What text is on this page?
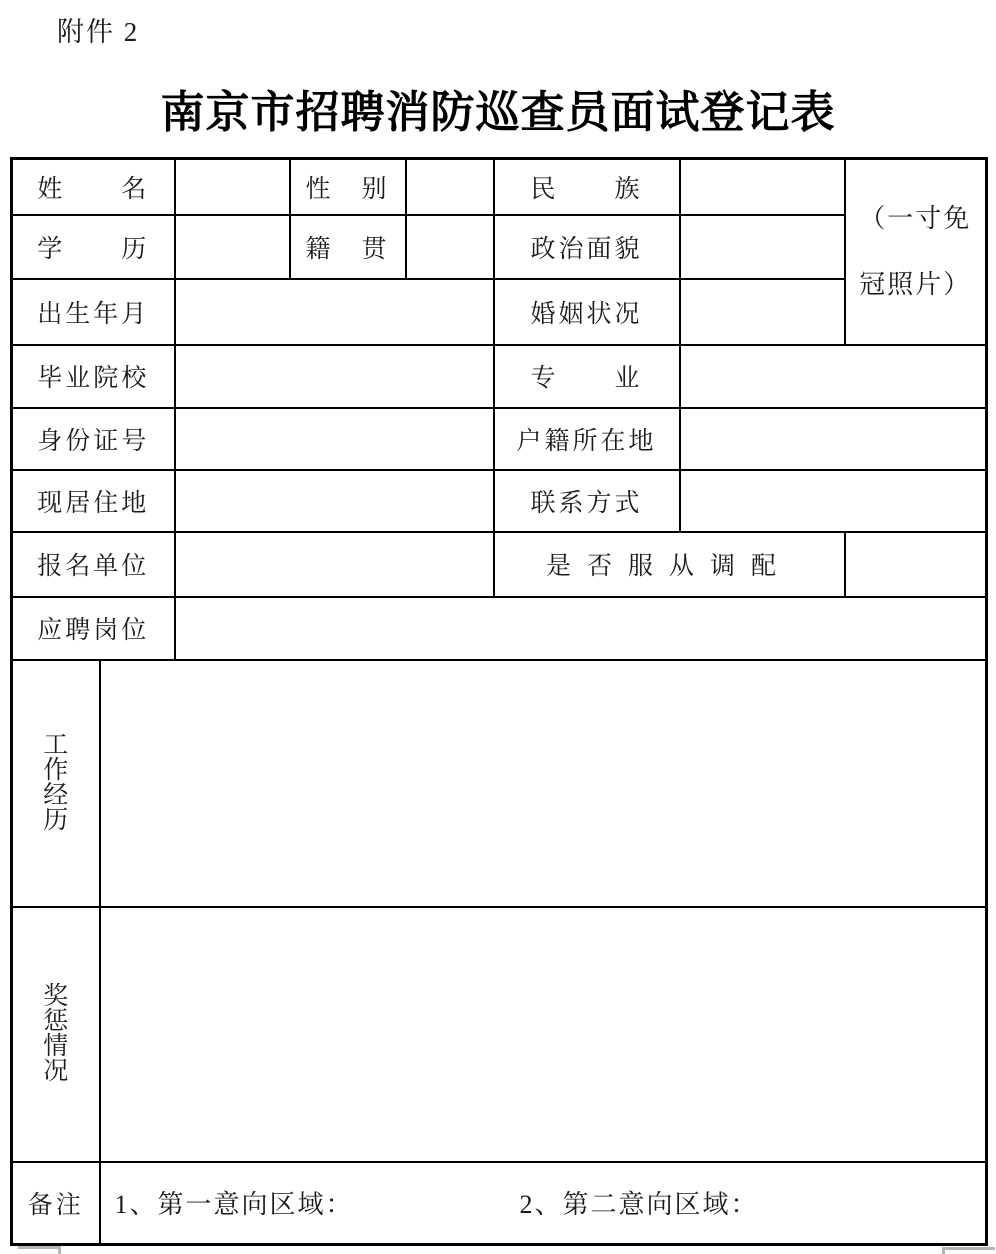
附件 2
南京市招聘消防巡查员面试登记表
姓　　名			性　别		民　　族		（一寸免
冠照片）

学　　历			籍　贯		政治面貌		
出生年月					婚姻状况		
毕业院校					专　　业		
身份证号					户籍所在地		
现居住地					联系方式		
报名单位					是否服从调配		
应聘岗位							

工
作
经
历							

奖
惩
情
况							

备注	1、第一意向区域： 2、第二意向区域：						
